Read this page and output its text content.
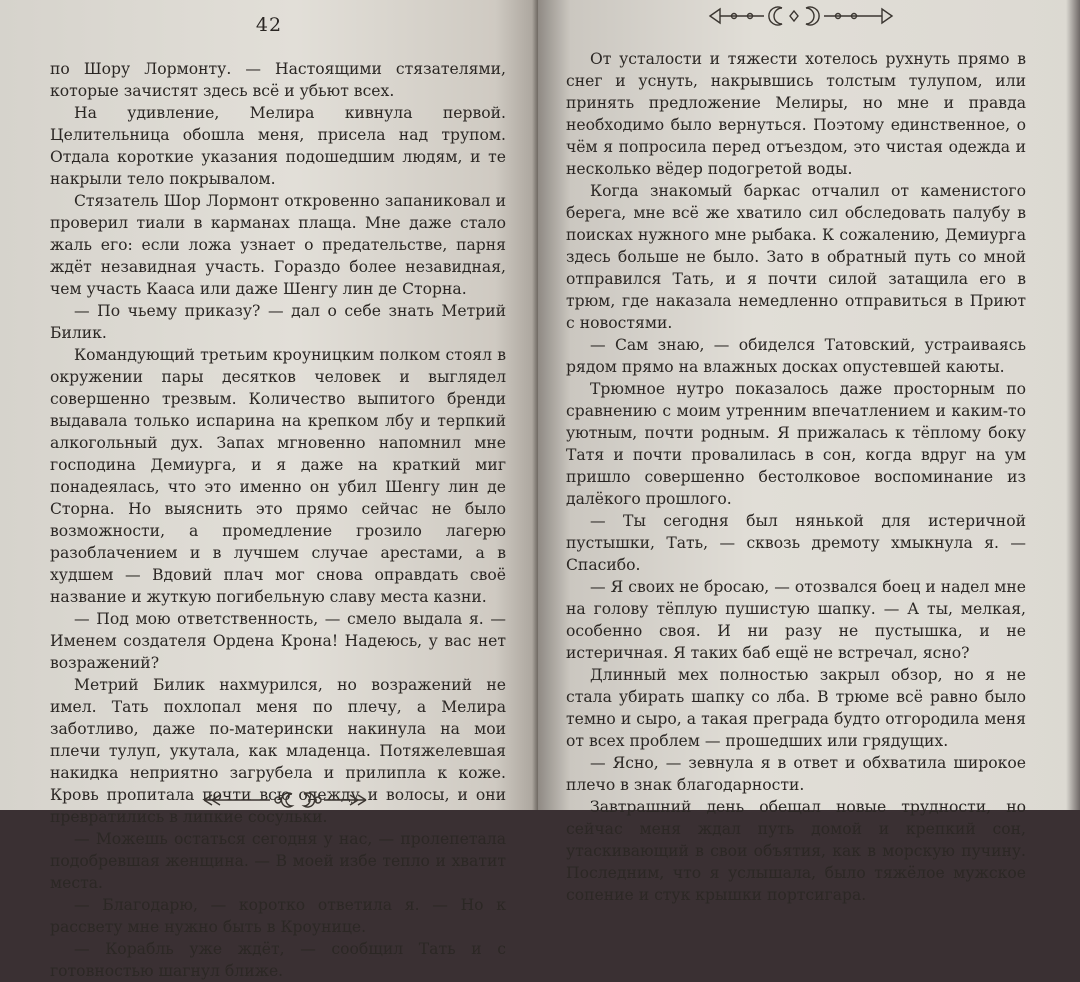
42

по Шору Лормонту. — Настоящими стязателями, которые зачистят здесь всё и убьют всех.

На удивление, Мелира кивнула первой. Целительница обошла меня, присела над трупом. Отдала короткие указания подошедшим людям, и те накрыли тело покрывалом.

Стязатель Шор Лормонт откровенно запаниковал и проверил тиали в карманах плаща. Мне даже стало жаль его: если ложа узнает о предательстве, парня ждёт незавидная участь. Гораздо более незавидная, чем участь Кааса или даже Шенгу лин де Сторна.

— По чьему приказу? — дал о себе знать Метрий Билик.

Командующий третьим кроуницким полком стоял в окружении пары десятков человек и выглядел совершенно трезвым. Количество выпитого бренди выдавала только испарина на крепком лбу и терпкий алкогольный дух. Запах мгновенно напомнил мне господина Демиурга, и я даже на краткий миг понадеялась, что это именно он убил Шенгу лин де Сторна. Но выяснить это прямо сейчас не было возможности, а промедление грозило лагерю разоблачением и в лучшем случае арестами, а в худшем — Вдовий плач мог снова оправдать своё название и жуткую погибельную славу места казни.

— Под мою ответственность, — смело выдала я. — Именем создателя Ордена Крона! Надеюсь, у вас нет возражений?

Метрий Билик нахмурился, но возражений не имел. Тать похлопал меня по плечу, а Мелира заботливо, даже по-матерински накинула на мои плечи тулуп, укутала, как младенца. Потяжелевшая накидка неприятно загрубела и прилипла к коже. Кровь пропитала почти всю одежду и волосы, и они превратились в липкие сосульки.

— Можешь остаться сегодня у нас, — пролепетала подобревшая женщина. — В моей избе тепло и хватит места.

— Благодарю, — коротко ответила я. — Но к рассвету мне нужно быть в Кроунице.

— Корабль уже ждёт, — сообщил Тать и с готовностью шагнул ближе.

От усталости и тяжести хотелось рухнуть прямо в снег и уснуть, накрывшись толстым тулупом, или принять предложение Мелиры, но мне и правда необходимо было вернуться. Поэтому единственное, о чём я попросила перед отъездом, это чистая одежда и несколько вёдер подогретой воды.

Когда знакомый баркас отчалил от каменистого берега, мне всё же хватило сил обследовать палубу в поисках нужного мне рыбака. К сожалению, Демиурга здесь больше не было. Зато в обратный путь со мной отправился Тать, и я почти силой затащила его в трюм, где наказала немедленно отправиться в Приют с новостями.

— Сам знаю, — обиделся Татовский, устраиваясь рядом прямо на влажных досках опустевшей каюты.

Трюмное нутро показалось даже просторным по сравнению с моим утренним впечатлением и каким-то уютным, почти родным. Я прижалась к тёплому боку Татя и почти провалилась в сон, когда вдруг на ум пришло совершенно бестолковое воспоминание из далёкого прошлого.

— Ты сегодня был нянькой для истеричной пустышки, Тать, — сквозь дремоту хмыкнула я. — Спасибо.

— Я своих не бросаю, — отозвался боец и надел мне на голову тёплую пушистую шапку. — А ты, мелкая, особенно своя. И ни разу не пустышка, и не истеричная. Я таких баб ещё не встречал, ясно?

Длинный мех полностью закрыл обзор, но я не стала убирать шапку со лба. В трюме всё равно было темно и сыро, а такая преграда будто отгородила меня от всех проблем — прошедших или грядущих.

— Ясно, — зевнула я в ответ и обхватила широкое плечо в знак благодарности.

Завтрашний день обещал новые трудности, но сейчас меня ждал путь домой и крепкий сон, утаскивающий в свои объятия, как в морскую пучину. Последним, что я услышала, было тяжёлое мужское сопение и стук крышки портсигара.
